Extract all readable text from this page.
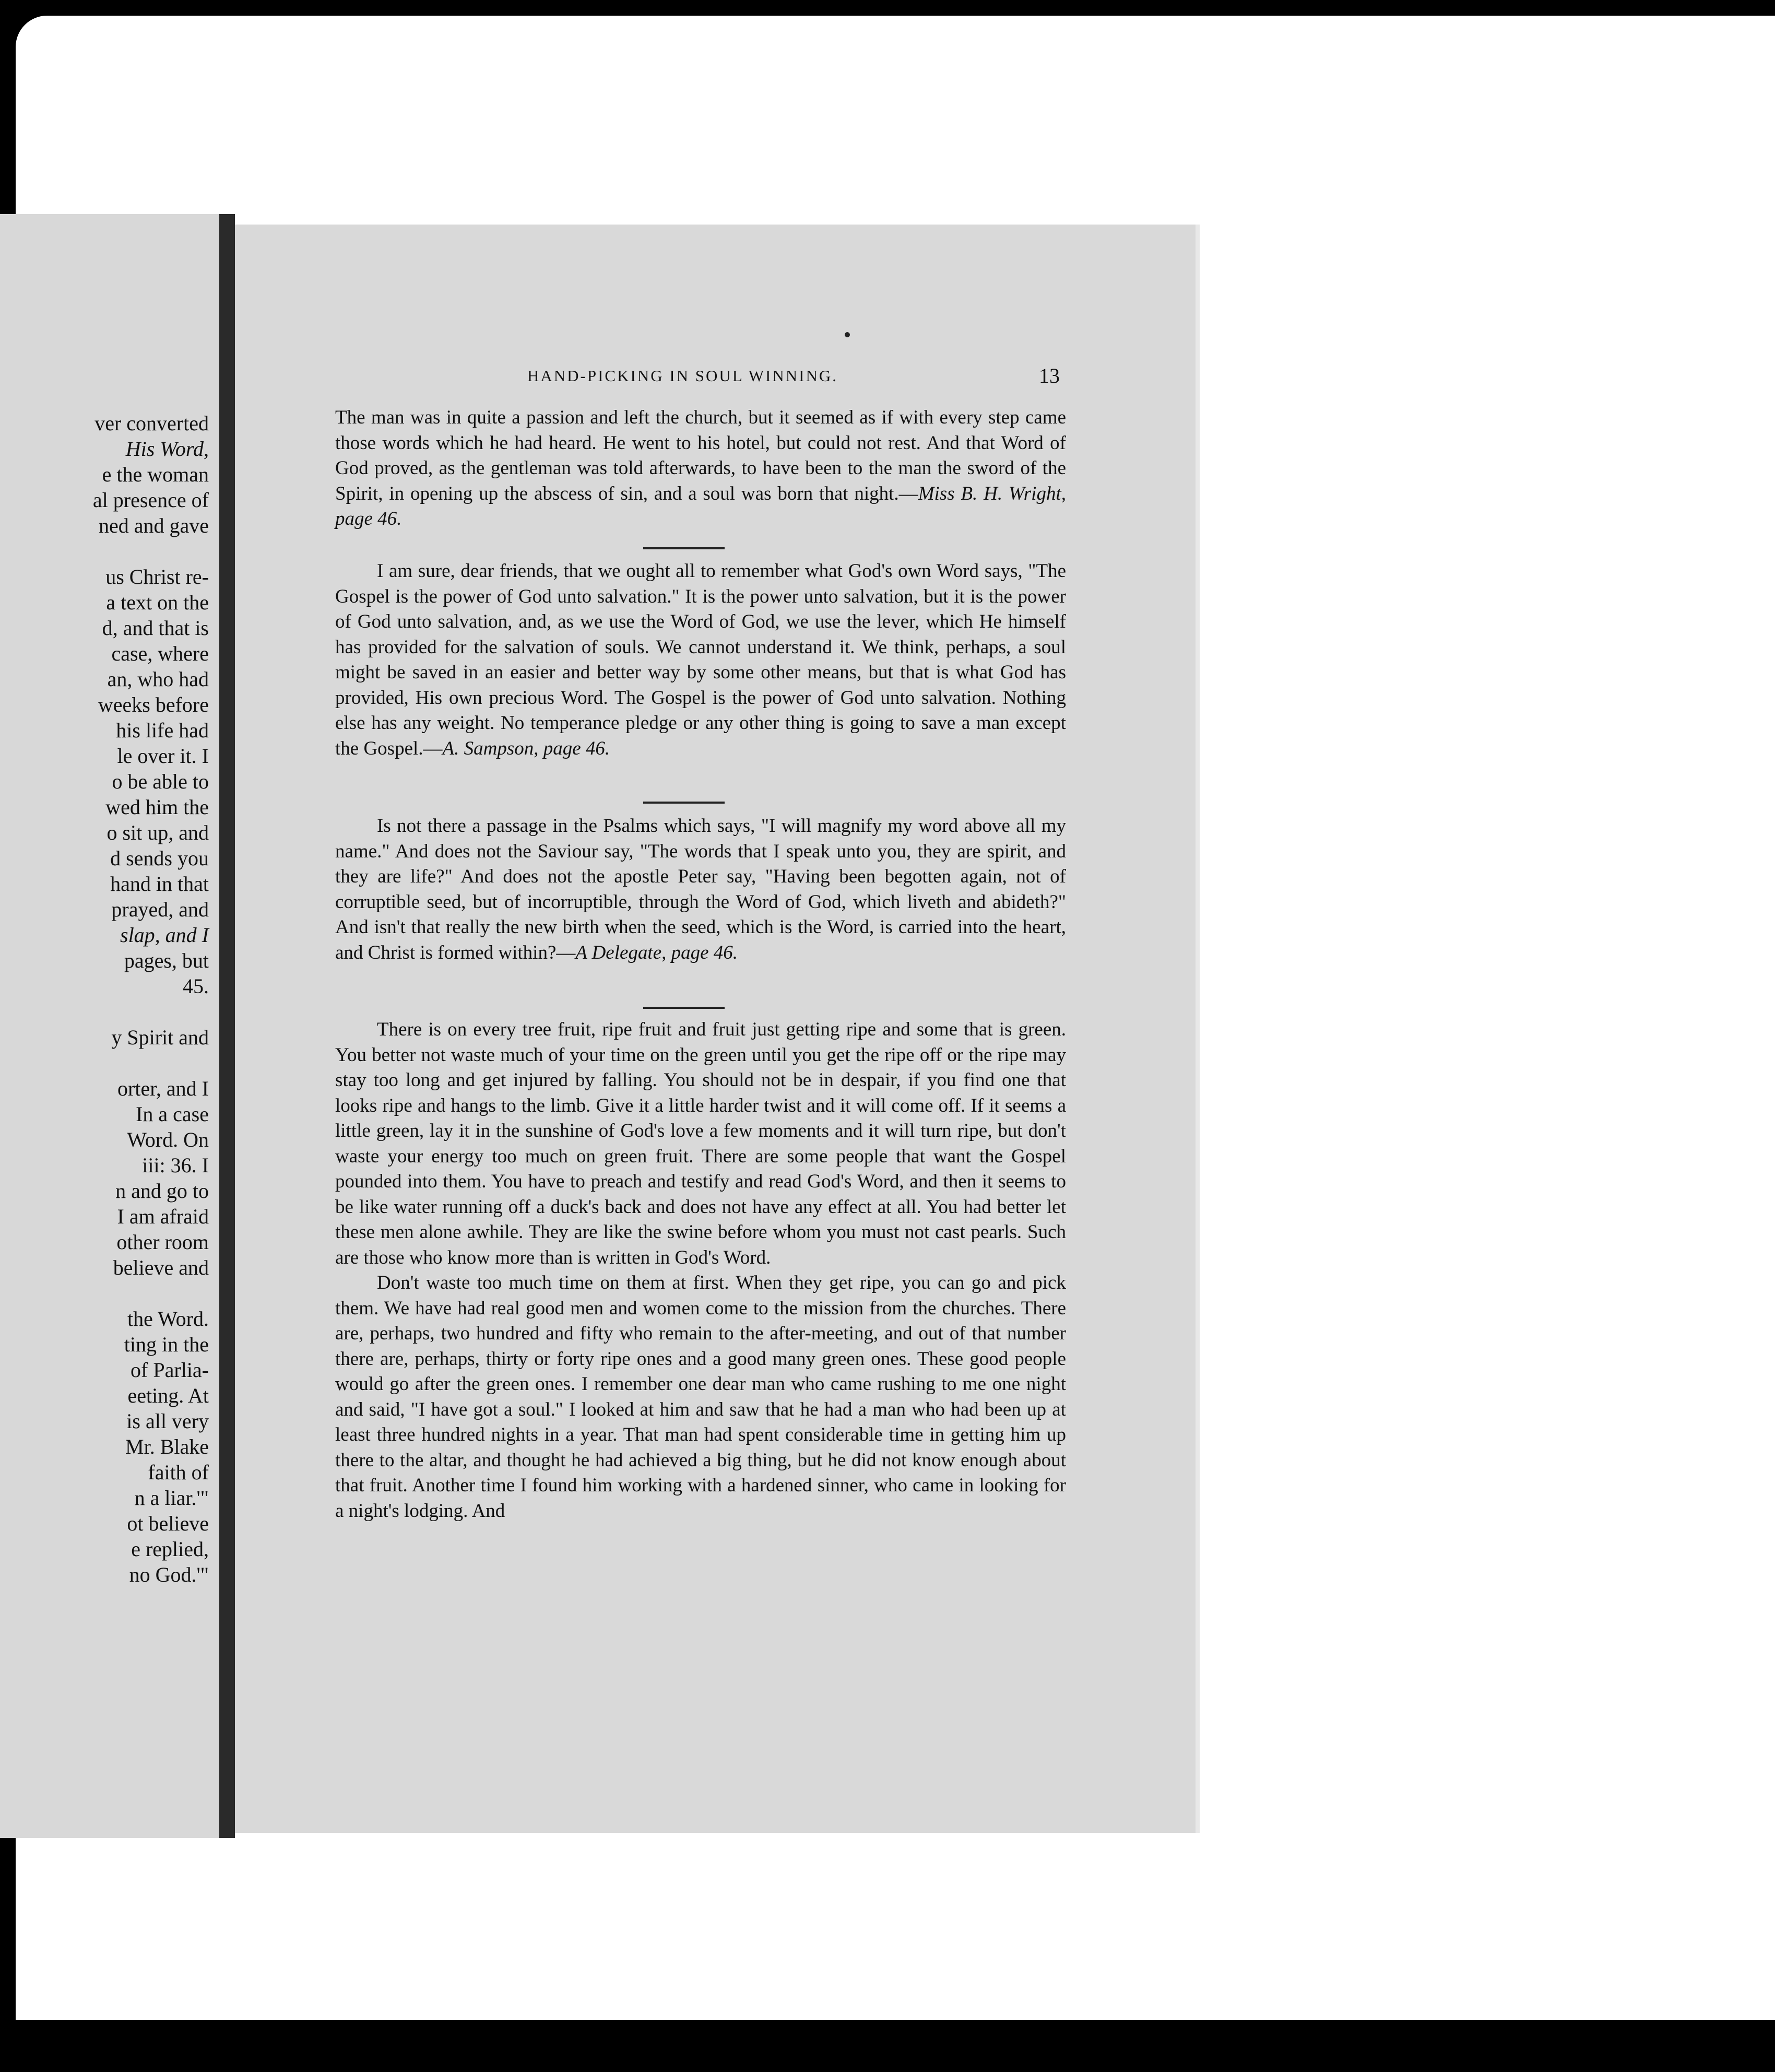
ver converted
His Word,
e the woman
al presence of
ned and gave
us Christ re-
a text on the
d, and that is
case, where
an, who had
weeks before
his life had
le over it. I
o be able to
wed him the
o sit up, and
d sends you
hand in that
prayed, and
slap, and I
pages, but
45.
y Spirit and
orter, and I
In a case
Word. On
iii: 36. I
n and go to
I am afraid
other room
believe and
the Word.
ting in the
of Parlia-
eeting. At
is all very
Mr. Blake
faith of
n a liar.'"
ot believe
e replied,
no God.'"
HAND-PICKING IN SOUL WINNING.	13

The man was in quite a passion and left the church, but it seemed as if with every step came those words which he had heard. He went to his hotel, but could not rest. And that Word of God proved, as the gentleman was told afterwards, to have been to the man the sword of the Spirit, in opening up the abscess of sin, and a soul was born that night.—Miss B. H. Wright, page 46.

I am sure, dear friends, that we ought all to remember what God's own Word says, "The Gospel is the power of God unto salvation." It is the power unto salvation, but it is the power of God unto salvation, and, as we use the Word of God, we use the lever, which He himself has provided for the salvation of souls. We cannot understand it. We think, perhaps, a soul might be saved in an easier and better way by some other means, but that is what God has provided, His own precious Word. The Gospel is the power of God unto salvation. Nothing else has any weight. No temperance pledge or any other thing is going to save a man except the Gospel.—A. Sampson, page 46.

Is not there a passage in the Psalms which says, "I will magnify my word above all my name." And does not the Saviour say, "The words that I speak unto you, they are spirit, and they are life?" And does not the apostle Peter say, "Having been begotten again, not of corruptible seed, but of incorruptible, through the Word of God, which liveth and abideth?" And isn't that really the new birth when the seed, which is the Word, is carried into the heart, and Christ is formed within?—A Delegate, page 46.

There is on every tree fruit, ripe fruit and fruit just getting ripe and some that is green. You better not waste much of your time on the green until you get the ripe off or the ripe may stay too long and get injured by falling. You should not be in despair, if you find one that looks ripe and hangs to the limb. Give it a little harder twist and it will come off. If it seems a little green, lay it in the sunshine of God's love a few moments and it will turn ripe, but don't waste your energy too much on green fruit. There are some people that want the Gospel pounded into them. You have to preach and testify and read God's Word, and then it seems to be like water running off a duck's back and does not have any effect at all. You had better let these men alone awhile. They are like the swine before whom you must not cast pearls. Such are those who know more than is written in God's Word.

Don't waste too much time on them at first. When they get ripe, you can go and pick them. We have had real good men and women come to the mission from the churches. There are, perhaps, two hundred and fifty who remain to the after-meeting, and out of that number there are, perhaps, thirty or forty ripe ones and a good many green ones. These good people would go after the green ones. I remember one dear man who came rushing to me one night and said, "I have got a soul." I looked at him and saw that he had a man who had been up at least three hundred nights in a year. That man had spent considerable time in getting him up there to the altar, and thought he had achieved a big thing, but he did not know enough about that fruit. Another time I found him working with a hardened sinner, who came in looking for a night's lodging. And
